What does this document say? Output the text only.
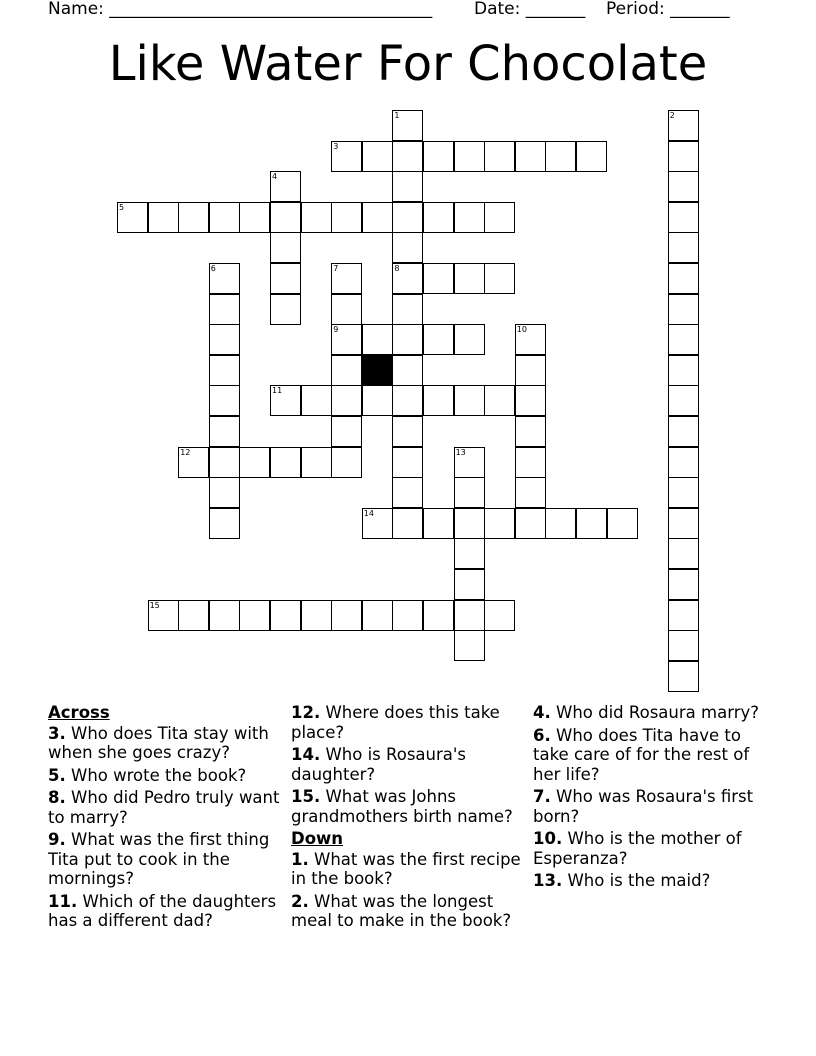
Name: ______________________________________ Date: _______ Period: _______
Like Water For Chocolate
1
8
2
3
4
5
6	7
9	10
11
12	13
14
15
Across
3. Who does Tita stay with when she goes crazy?
5. Who wrote the book?
8. Who did Pedro truly want to marry?
9. What was the first thing Tita put to cook in the mornings?
11. Which of the daughters has a different dad?
12. Where does this take place?
14. Who is Rosaura's daughter?
15. What was Johns grandmothers birth name?
Down
1. What was the first recipe in the book?
2. What was the longest meal to make in the book?
4. Who did Rosaura marry?
6. Who does Tita have to take care of for the rest of her life?
7. Who was Rosaura's first born?
10. Who is the mother of Esperanza?
13. Who is the maid?
